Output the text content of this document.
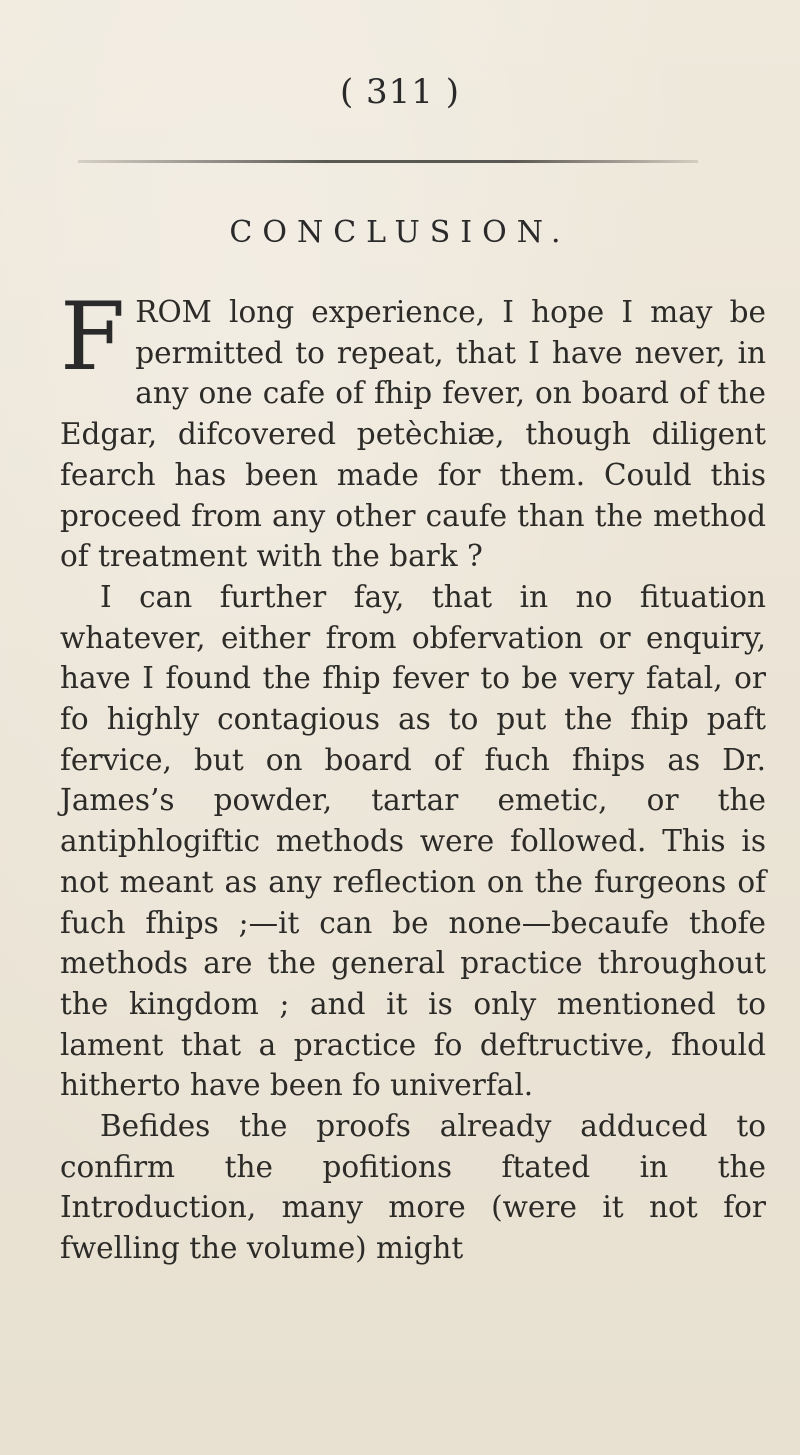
( 311 )
CONCLUSION.

FROM long experience, I hope I may be permitted to repeat, that I have never, in any one cafe of fhip fever, on board of the Edgar, difcovered petèchiæ, though diligent fearch has been made for them. Could this proceed from any other caufe than the method of treatment with the bark ?

I can further fay, that in no fituation whatever, either from obfervation or enquiry, have I found the fhip fever to be very fatal, or fo highly contagious as to put the fhip paft fervice, but on board of fuch fhips as Dr. James’s powder, tartar emetic, or the antiphlogiftic methods were followed. This is not meant as any reflection on the furgeons of fuch fhips ;—it can be none—becaufe thofe methods are the general practice throughout the kingdom ; and it is only mentioned to lament that a practice fo deftructive, fhould hitherto have been fo univerfal.

Befides the proofs already adduced to confirm the pofitions ftated in the Introduction, many more (were it not for fwelling the volume) might
